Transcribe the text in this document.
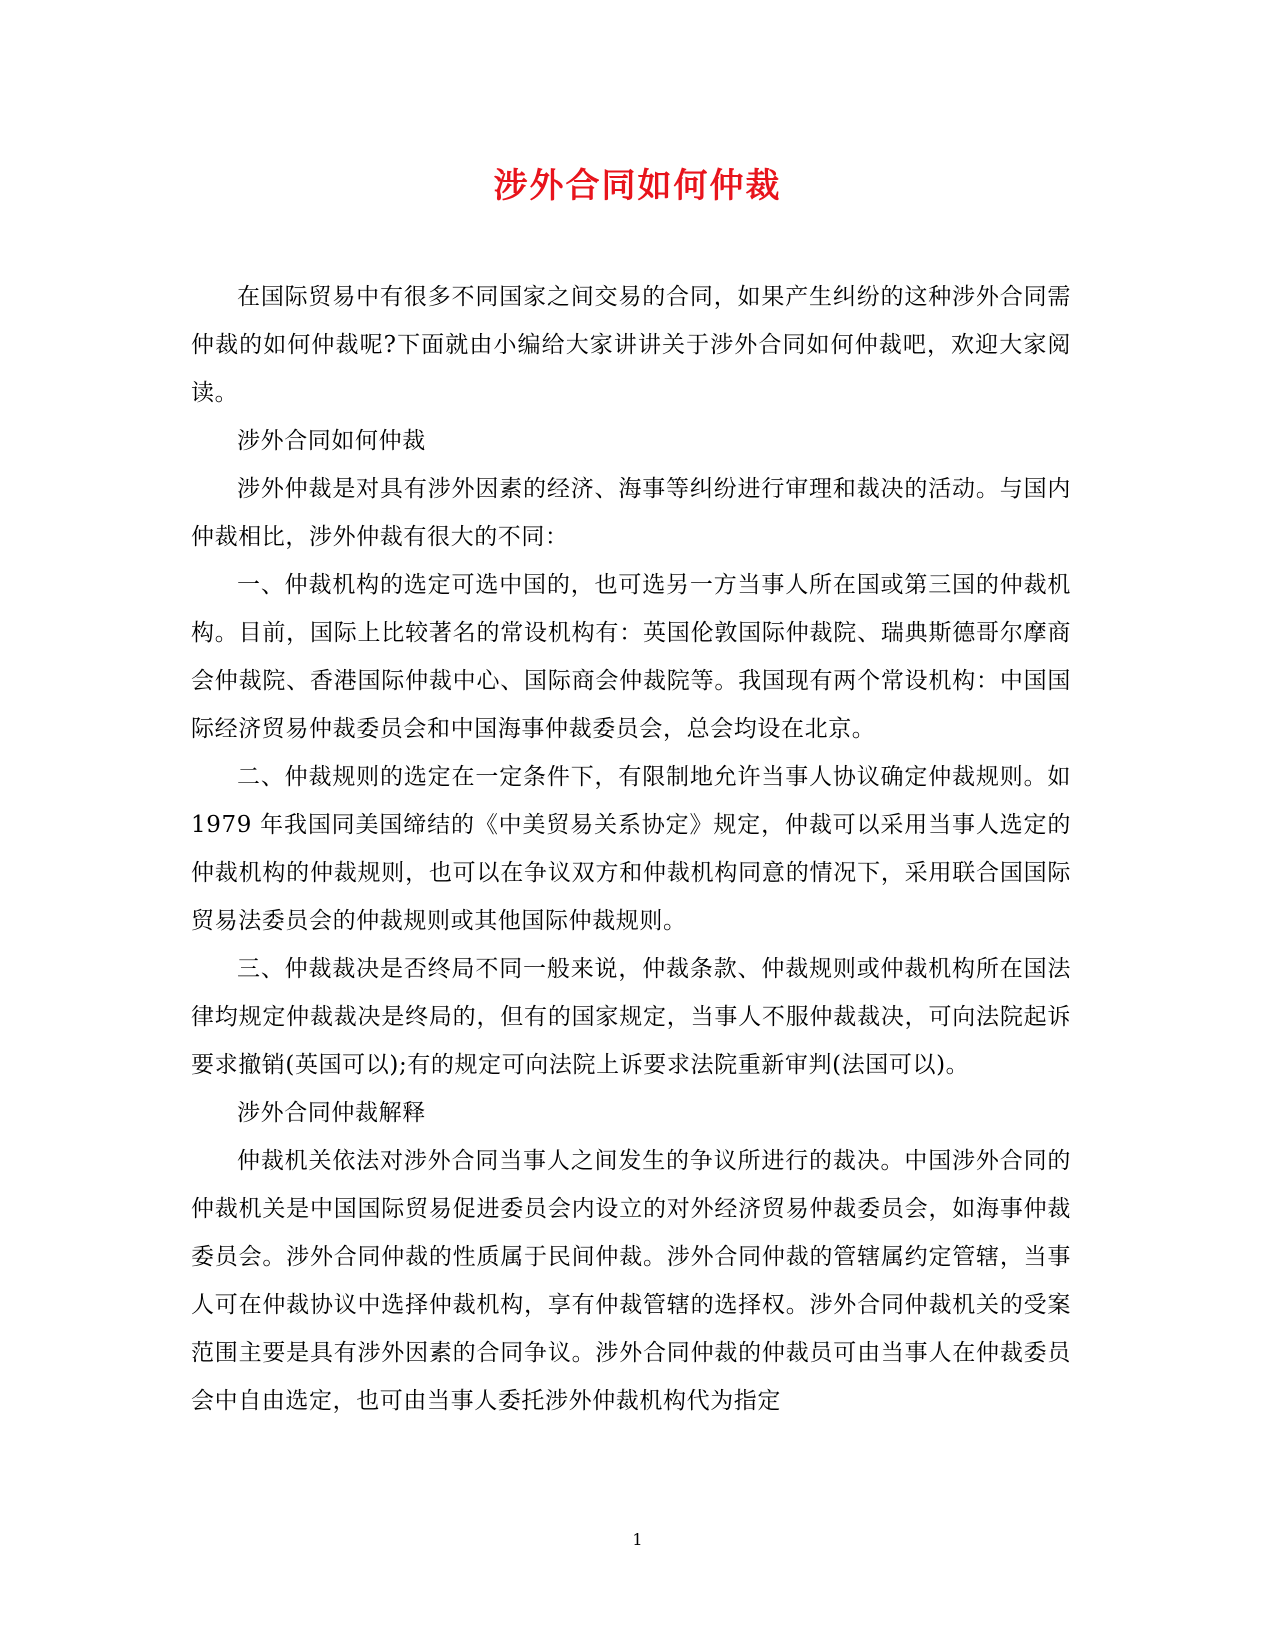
涉外合同如何仲裁

在国际贸易中有很多不同国家之间交易的合同，如果产生纠纷的这种涉外合同需仲裁的如何仲裁呢?下面就由小编给大家讲讲关于涉外合同如何仲裁吧，欢迎大家阅读。

涉外合同如何仲裁

涉外仲裁是对具有涉外因素的经济、海事等纠纷进行审理和裁决的活动。与国内仲裁相比，涉外仲裁有很大的不同：

一、仲裁机构的选定可选中国的，也可选另一方当事人所在国或第三国的仲裁机构。目前，国际上比较著名的常设机构有：英国伦敦国际仲裁院、瑞典斯德哥尔摩商会仲裁院、香港国际仲裁中心、国际商会仲裁院等。我国现有两个常设机构：中国国际经济贸易仲裁委员会和中国海事仲裁委员会，总会均设在北京。

二、仲裁规则的选定在一定条件下，有限制地允许当事人协议确定仲裁规则。如 1979 年我国同美国缔结的《中美贸易关系协定》规定，仲裁可以采用当事人选定的仲裁机构的仲裁规则，也可以在争议双方和仲裁机构同意的情况下，采用联合国国际贸易法委员会的仲裁规则或其他国际仲裁规则。

三、仲裁裁决是否终局不同一般来说，仲裁条款、仲裁规则或仲裁机构所在国法律均规定仲裁裁决是终局的，但有的国家规定，当事人不服仲裁裁决，可向法院起诉要求撤销(英国可以);有的规定可向法院上诉要求法院重新审判(法国可以)。

涉外合同仲裁解释

仲裁机关依法对涉外合同当事人之间发生的争议所进行的裁决。中国涉外合同的仲裁机关是中国国际贸易促进委员会内设立的对外经济贸易仲裁委员会，如海事仲裁委员会。涉外合同仲裁的性质属于民间仲裁。涉外合同仲裁的管辖属约定管辖，当事人可在仲裁协议中选择仲裁机构，享有仲裁管辖的选择权。涉外合同仲裁机关的受案范围主要是具有涉外因素的合同争议。涉外合同仲裁的仲裁员可由当事人在仲裁委员会中自由选定，也可由当事人委托涉外仲裁机构代为指定

1
